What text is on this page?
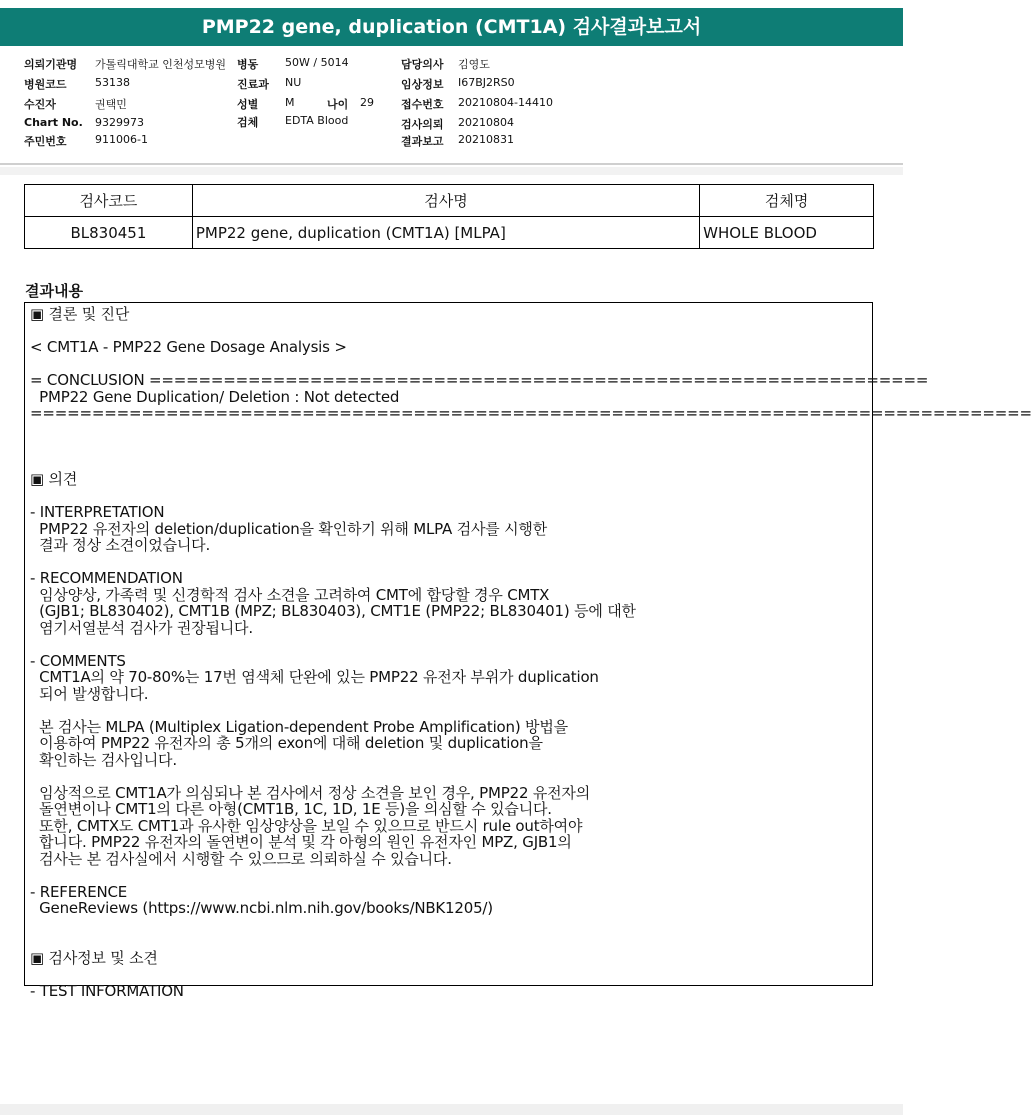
PMP22 gene, duplication (CMT1A) 검사결과보고서
의뢰기관명 가톨릭대학교 인천성모병원 병동 50W / 5014	담당의사 김영도
병원코드	53138	진료과 NU	임상정보 I67BJ2RS0
수진자	권택민	성별 M	나이 29 접수번호 20210804-14410
Chart No. 9329973	검체 EDTA Blood	검사의뢰 20210804
주민번호	911006-1	결과보고 20210831
검사코드	검사명	검체명
BL830451	PMP22 gene, duplication (CMT1A) [MLPA]	WHOLE BLOOD
결과내용
▣ 결론 및 진단

< CMT1A - PMP22 Gene Dosage Analysis >

= CONCLUSION ===============================================================
PMP22 Gene Duplication/ Deletion : Not detected
=================================================================================

▣ 의견

- INTERPRETATION
PMP22 유전자의 deletion/duplication을 확인하기 위해 MLPA 검사를 시행한
결과 정상 소견이었습니다.

- RECOMMENDATION
임상양상, 가족력 및 신경학적 검사 소견을 고려하여 CMT에 합당할 경우 CMTX
(GJB1; BL830402), CMT1B (MPZ; BL830403), CMT1E (PMP22; BL830401) 등에 대한
염기서열분석 검사가 권장됩니다.

- COMMENTS
CMT1A의 약 70-80%는 17번 염색체 단완에 있는 PMP22 유전자 부위가 duplication
되어 발생합니다.

본 검사는 MLPA (Multiplex Ligation-dependent Probe Amplification) 방법을
이용하여 PMP22 유전자의 총 5개의 exon에 대해 deletion 및 duplication을
확인하는 검사입니다.

임상적으로 CMT1A가 의심되나 본 검사에서 정상 소견을 보인 경우, PMP22 유전자의
돌연변이나 CMT1의 다른 아형(CMT1B, 1C, 1D, 1E 등)을 의심할 수 있습니다.
또한, CMTX도 CMT1과 유사한 임상양상을 보일 수 있으므로 반드시 rule out하여야
합니다. PMP22 유전자의 돌연변이 분석 및 각 아형의 원인 유전자인 MPZ, GJB1의
검사는 본 검사실에서 시행할 수 있으므로 의뢰하실 수 있습니다.

- REFERENCE
GeneReviews (https://www.ncbi.nlm.nih.gov/books/NBK1205/)

▣ 검사정보 및 소견

- TEST INFORMATION
